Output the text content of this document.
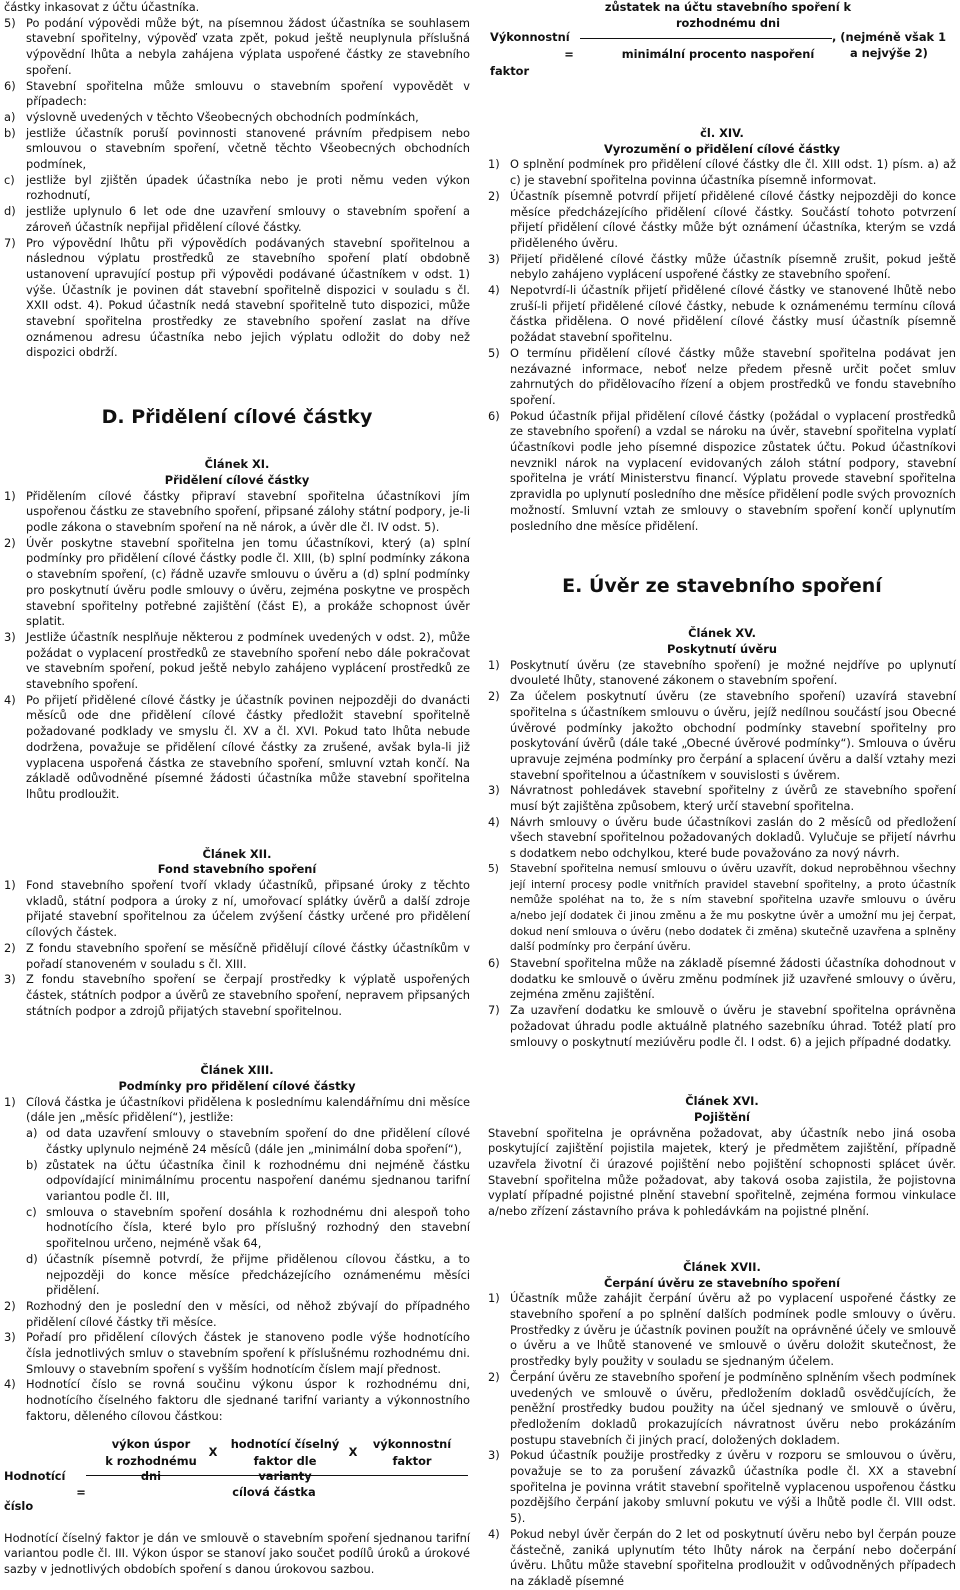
částky inkasovat z účtu účastníka.

5) Po podání výpovědi může být, na písemnou žádost účastníka se souhlasem stavební spořitelny, výpověď vzata zpět, pokud ještě neuplynula příslušná výpovědní lhůta a nebyla zahájena výplata uspořené částky ze stavebního spoření.
6) Stavební spořitelna může smlouvu o stavebním spoření vypovědět v případech:
a) výslovně uvedených v těchto Všeobecných obchodních podmínkách,
b) jestliže účastník poruší povinnosti stanovené právním předpisem nebo smlouvou o stavebním spoření, včetně těchto Všeobecných obchodních podmínek,
c) jestliže byl zjištěn úpadek účastníka nebo je proti němu veden výkon rozhodnutí,
d) jestliže uplynulo 6 let ode dne uzavření smlouvy o stavebním spoření a zároveň účastník nepřijal přidělení cílové částky.
7) Pro výpovědní lhůtu při výpovědích podávaných stavební spořitelnou a následnou výplatu prostředků ze stavebního spoření platí obdobně ustanovení upravující postup při výpovědi podávané účastníkem v odst. 1) výše. Účastník je povinen dát stavební spořitelně dispozici v souladu s čl. XXII odst. 4). Pokud účastník nedá stavební spořitelně tuto dispozici, může stavební spořitelna prostředky ze stavebního spoření zaslat na dříve oznámenou adresu účastníka nebo jejich výplatu odložit do doby než dispozici obdrží.
D. Přidělení cílové částky

Článek XI.

Přidělení cílové částky

1) Přidělením cílové částky připraví stavební spořitelna účastníkovi jím uspořenou částku ze stavebního spoření, připsané zálohy státní podpory, je-li podle zákona o stavebním spoření na ně nárok, a úvěr dle čl. IV odst. 5).
2) Úvěr poskytne stavební spořitelna jen tomu účastníkovi, který (a) splní podmínky pro přidělení cílové částky podle čl. XIII, (b) splní podmínky zákona o stavebním spoření, (c) řádně uzavře smlouvu o úvěru a (d) splní podmínky pro poskytnutí úvěru podle smlouvy o úvěru, zejména poskytne ve prospěch stavební spořitelny potřebné zajištění (část E), a prokáže schopnost úvěr splatit.
3) Jestliže účastník nesplňuje některou z podmínek uvedených v odst. 2), může požádat o vyplacení prostředků ze stavebního spoření nebo dále pokračovat ve stavebním spoření, pokud ještě nebylo zahájeno vyplácení prostředků ze stavebního spoření.
4) Po přijetí přidělené cílové částky je účastník povinen nejpozději do dvanácti měsíců ode dne přidělení cílové částky předložit stavební spořitelně požadované podklady ve smyslu čl. XV a čl. XVI. Pokud tato lhůta nebude dodržena, považuje se přidělení cílové částky za zrušené, avšak byla-li již vyplacena uspořená částka ze stavebního spoření, smluvní vztah končí. Na základě odůvodněné písemné žádosti účastníka může stavební spořitelna lhůtu prodloužit.

Článek XII.

Fond stavebního spoření

1) Fond stavebního spoření tvoří vklady účastníků, připsané úroky z těchto vkladů, státní podpora a úroky z ní, umořovací splátky úvěrů a další zdroje přijaté stavební spořitelnou za účelem zvýšení částky určené pro přidělení cílových částek.
2) Z fondu stavebního spoření se měsíčně přidělují cílové částky účastníkům v pořadí stanoveném v souladu s čl. XIII.
3) Z fondu stavebního spoření se čerpají prostředky k výplatě uspořených částek, státních podpor a úvěrů ze stavebního spoření, nepravem připsaných státních podpor a zdrojů přijatých stavební spořitelnou.

Článek XIII.

Podmínky pro přidělení cílové částky

1) Cílová částka je účastníkovi přidělena k poslednímu kalendářnímu dni měsíce (dále jen „měsíc přidělení“), jestliže:
a) od data uzavření smlouvy o stavebním spoření do dne přidělení cílové částky uplynulo nejméně 24 měsíců (dále jen „minimální doba spoření“),
b) zůstatek na účtu účastníka činil k rozhodnému dni nejméně částku odpovídající minimálnímu procentu naspoření danému sjednanou tarifní variantou podle čl. III,
c) smlouva o stavebním spoření dosáhla k rozhodnému dni alespoň toho hodnotícího čísla, které bylo pro příslušný rozhodný den stavební spořitelnou určeno, nejméně však 64,
d) účastník písemně potvrdí, že přijme přidělenou cílovou částku, a to nejpozději do konce měsíce předcházejícího oznámenému měsíci přidělení.
2) Rozhodný den je poslední den v měsíci, od něhož zbývají do případného přidělení cílové částky tři měsíce.
3) Pořadí pro přidělení cílových částek je stanoveno podle výše hodnotícího čísla jednotlivých smluv o stavebním spoření k příslušnému rozhodnému dni. Smlouvy o stavebním spoření s vyšším hodnotícím číslem mají přednost.
4) Hodnotící číslo se rovná součinu výkonu úspor k rozhodnému dni, hodnotícího číselného faktoru dle sjednané tarifní varianty a výkonnostního faktoru, děleného cílovou částkou:
výkon úspor
k rozhodnému dni
X
hodnotící číselný
faktor dle varianty
X
výkonnostní
faktor
Hodnotící
=
číslo
cílová částka

Hodnotící číselný faktor je dán ve smlouvě o stavebním spoření sjednanou tarifní variantou podle čl. III. Výkon úspor se stanoví jako součet podílů úroků a úrokové sazby v jednotlivých obdobích spoření s danou úrokovou sazbou.

zůstatek na účtu stavebního spoření k
rozhodnému dni
Výkonnostní
=
faktor
minimální procento naspoření
, (nejméně však 1
a nejvýše 2)

čl. XIV.

Vyrozumění o přidělení cílové částky

1) O splnění podmínek pro přidělení cílové částky dle čl. XIII odst. 1) písm. a) až c) je stavební spořitelna povinna účastníka písemně informovat.
2) Účastník písemně potvrdí přijetí přidělené cílové částky nejpozději do konce měsíce předcházejícího přidělení cílové částky. Součástí tohoto potvrzení přijetí přidělení cílové částky může být oznámení účastníka, kterým se vzdá přiděleného úvěru.
3) Přijetí přidělené cílové částky může účastník písemně zrušit, pokud ještě nebylo zahájeno vyplácení uspořené částky ze stavebního spoření.
4) Nepotvrdí-li účastník přijetí přidělené cílové částky ve stanovené lhůtě nebo zruší-li přijetí přidělené cílové částky, nebude k oznámenému termínu cílová částka přidělena. O nové přidělení cílové částky musí účastník písemně požádat stavební spořitelnu.
5) O termínu přidělení cílové částky může stavební spořitelna podávat jen nezávazné informace, neboť nelze předem přesně určit počet smluv zahrnutých do přidělovacího řízení a objem prostředků ve fondu stavebního spoření.
6) Pokud účastník přijal přidělení cílové částky (požádal o vyplacení prostředků ze stavebního spoření) a vzdal se nároku na úvěr, stavební spořitelna vyplatí účastníkovi podle jeho písemné dispozice zůstatek účtu. Pokud účastníkovi nevznikl nárok na vyplacení evidovaných záloh státní podpory, stavební spořitelna je vrátí Ministerstvu financí. Výplatu provede stavební spořitelna zpravidla po uplynutí posledního dne měsíce přidělení podle svých provozních možností. Smluvní vztah ze smlouvy o stavebním spoření končí uplynutím posledního dne měsíce přidělení.
E. Úvěr ze stavebního spoření

Článek XV.

Poskytnutí úvěru

1) Poskytnutí úvěru (ze stavebního spoření) je možné nejdříve po uplynutí dvouleté lhůty, stanovené zákonem o stavebním spoření.
2) Za účelem poskytnutí úvěru (ze stavebního spoření) uzavírá stavební spořitelna s účastníkem smlouvu o úvěru, jejíž nedílnou součástí jsou Obecné úvěrové podmínky jakožto obchodní podmínky stavební spořitelny pro poskytování úvěrů (dále také „Obecné úvěrové podmínky“). Smlouva o úvěru upravuje zejména podmínky pro čerpání a splacení úvěru a další vztahy mezi stavební spořitelnou a účastníkem v souvislosti s úvěrem.
3) Návratnost pohledávek stavební spořitelny z úvěrů ze stavebního spoření musí být zajištěna způsobem, který určí stavební spořitelna.
4) Návrh smlouvy o úvěru bude účastníkovi zaslán do 2 měsíců od předložení všech stavební spořitelnou požadovaných dokladů. Vylučuje se přijetí návrhu s dodatkem nebo odchylkou, které bude považováno za nový návrh.
5)	Stavební spořitelna nemusí smlouvu o úvěru uzavřít, dokud neproběhnou všechny její interní procesy podle vnitřních pravidel stavební spořitelny, a proto účastník nemůže spoléhat na to, že s ním stavební spořitelna uzavře smlouvu o úvěru a/nebo její dodatek či jinou změnu a že mu poskytne úvěr a umožní mu jej čerpat, dokud není smlouva o úvěru (nebo dodatek či změna) skutečně uzavřena a splněny další podmínky pro čerpání úvěru.
6) Stavební spořitelna může na základě písemné žádosti účastníka dohodnout v dodatku ke smlouvě o úvěru změnu podmínek již uzavřené smlouvy o úvěru, zejména změnu zajištění.
7) Za uzavření dodatku ke smlouvě o úvěru je stavební spořitelna oprávněna požadovat úhradu podle aktuálně platného sazebníku úhrad. Totéž platí pro smlouvy o poskytnutí meziúvěru podle čl. I odst. 6) a jejich případné dodatky.

Článek XVI.

Pojištění

Stavební spořitelna je oprávněna požadovat, aby účastník nebo jiná osoba poskytující zajištění pojistila majetek, který je předmětem zajištění, případně uzavřela životní či úrazové pojištění nebo pojištění schopnosti splácet úvěr. Stavební spořitelna může požadovat, aby taková osoba zajistila, že pojistovna vyplatí případné pojistné plnění stavební spořitelně, zejména formou vinkulace a/nebo zřízení zástavního práva k pohledávkám na pojistné plnění.

Článek XVII.

Čerpání úvěru ze stavebního spoření

1) Účastník může zahájit čerpání úvěru až po vyplacení uspořené částky ze stavebního spoření a po splnění dalších podmínek podle smlouvy o úvěru. Prostředky z úvěru je účastník povinen použít na oprávněné účely ve smlouvě o úvěru a ve lhůtě stanovené ve smlouvě o úvěru doložit skutečnost, že prostředky byly použity v souladu se sjednaným účelem.
2) Čerpání úvěru ze stavebního spoření je podmíněno splněním všech podmínek uvedených ve smlouvě o úvěru, předložením dokladů osvědčujících, že peněžní prostředky budou použity na účel sjednaný ve smlouvě o úvěru, předložením dokladů prokazujících návratnost úvěru nebo prokázáním postupu stavebních či jiných prací, doložených dokladem.
3) Pokud účastník použije prostředky z úvěru v rozporu se smlouvou o úvěru, považuje se to za porušení závazků účastníka podle čl. XX a stavební spořitelna je povinna vrátit stavební spořitelně vyplacenou uspořenou částku pozdějšího čerpání jakoby smluvní pokutu ve výši a lhůtě podle čl. VIII odst. 5).
4) Pokud nebyl úvěr čerpán do 2 let od poskytnutí úvěru nebo byl čerpán pouze částečně, zaniká uplynutím této lhůty nárok na čerpání nebo dočerpání úvěru. Lhůtu může stavební spořitelna prodloužit v odůvodněných případech na základě písemné
